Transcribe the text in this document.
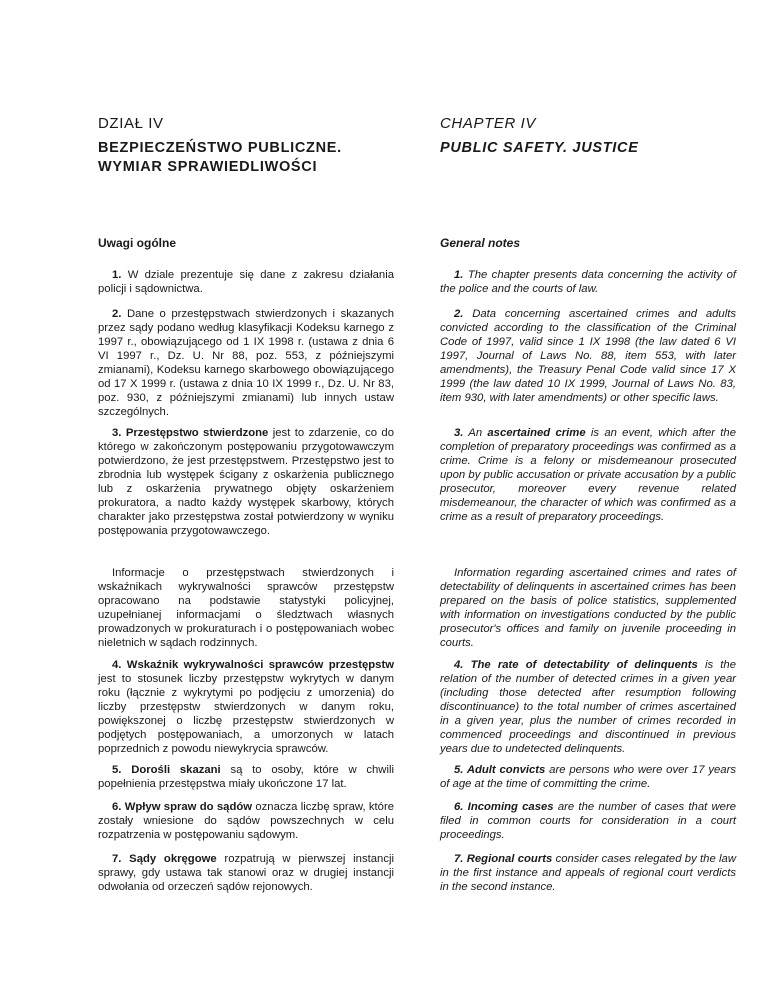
DZIAŁ IV

BEZPIECZEŃSTWO PUBLICZNE.
WYMIAR SPRAWIEDLIWOŚCI

Uwagi ogólne

1. W dziale prezentuje się dane z zakresu działania policji i sądownictwa.

2. Dane o przestępstwach stwierdzonych i skazanych przez sądy podano według klasyfikacji Kodeksu karnego z 1997 r., obowiązującego od 1 IX 1998 r. (ustawa z dnia 6 VI 1997 r., Dz. U. Nr 88, poz. 553, z późniejszymi zmianami), Kodeksu karnego skarbowego obowiązującego od 17 X 1999 r. (ustawa z dnia 10 IX 1999 r., Dz. U. Nr 83, poz. 930, z późniejszymi zmianami) lub innych ustaw szczególnych.

3. Przestępstwo stwierdzone jest to zdarzenie, co do którego w zakończonym postępowaniu przygotowawczym potwierdzono, że jest przestępstwem. Przestępstwo jest to zbrodnia lub występek ścigany z oskarżenia publicznego lub z oskarżenia prywatnego objęty oskarżeniem prokuratora, a nadto każdy występek skarbowy, których charakter jako przestępstwa został potwierdzony w wyniku postępowania przygotowawczego.

Informacje o przestępstwach stwierdzonych i wskaźnikach wykrywalności sprawców przestępstw opracowano na podstawie statystyki policyjnej, uzupełnianej informacjami o śledztwach własnych prowadzonych w prokuraturach i o postępowaniach wobec nieletnich w sądach rodzinnych.

4. Wskaźnik wykrywalności sprawców przestępstw jest to stosunek liczby przestępstw wykrytych w danym roku (łącznie z wykrytymi po podjęciu z umorzenia) do liczby przestępstw stwierdzonych w danym roku, powiększonej o liczbę przestępstw stwierdzonych w podjętych postępowaniach, a umorzonych w latach poprzednich z powodu niewykrycia sprawców.

5. Dorośli skazani są to osoby, które w chwili popełnienia przestępstwa miały ukończone 17 lat.

6. Wpływ spraw do sądów oznacza liczbę spraw, które zostały wniesione do sądów powszechnych w celu rozpatrzenia w postępowaniu sądowym.

7. Sądy okręgowe rozpatrują w pierwszej instancji sprawy, gdy ustawa tak stanowi oraz w drugiej instancji odwołania od orzeczeń sądów rejonowych.

CHAPTER IV

PUBLIC SAFETY. JUSTICE

General notes

1. The chapter presents data concerning the activity of the police and the courts of law.

2. Data concerning ascertained crimes and adults convicted according to the classification of the Criminal Code of 1997, valid since 1 IX 1998 (the law dated 6 VI 1997, Journal of Laws No. 88, item 553, with later amendments), the Treasury Penal Code valid since 17 X 1999 (the law dated 10 IX 1999, Journal of Laws No. 83, item 930, with later amendments) or other specific laws.

3. An ascertained crime is an event, which after the completion of preparatory proceedings was confirmed as a crime. Crime is a felony or misdemeanour prosecuted upon by public accusation or private accusation by a public prosecutor, moreover every revenue related misdemeanour, the character of which was confirmed as a crime as a result of preparatory proceedings.

Information regarding ascertained crimes and rates of detectability of delinquents in ascertained crimes has been prepared on the basis of police statistics, supplemented with information on investigations conducted by the public prosecutor's offices and family on juvenile proceeding in courts.

4. The rate of detectability of delinquents is the relation of the number of detected crimes in a given year (including those detected after resumption following discontinuance) to the total number of crimes ascertained in a given year, plus the number of crimes recorded in commenced proceedings and discontinued in previous years due to undetected delinquents.

5. Adult convicts are persons who were over 17 years of age at the time of committing the crime.

6. Incoming cases are the number of cases that were filed in common courts for consideration in a court proceedings.

7. Regional courts consider cases relegated by the law in the first instance and appeals of regional court verdicts in the second instance.
